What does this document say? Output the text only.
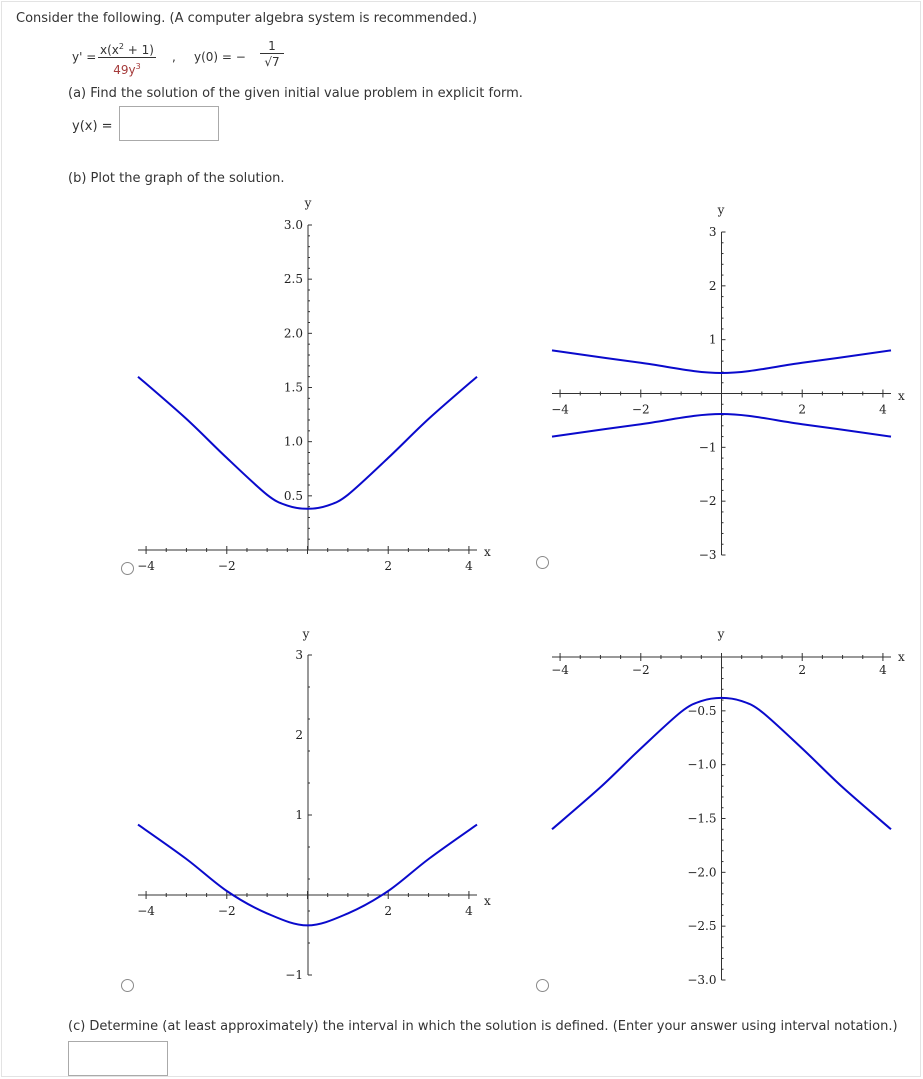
Consider the following. (A computer algebra system is recommended.)
$y' = \frac{x(x^2 + 1)}{49y^3}$ , y(0) = − $\frac{1}{√7}$
(a) Find the solution of the given initial value problem in explicit form.
y(x) =
(b) Plot the graph of the solution.
−4	−2	2	4
0.5
1.0
1.5
2.0
2.5
3.0
x
y
−4	−2	2	4
−3
−2
−1
1
2
3
x
y
−4	−2	2	4
−1
1
2
3
x
y
−4	−2	2	4
−0.5
−1.0
−1.5
−2.0
−2.5
−3.0
x
y
(c) Determine (at least approximately) the interval in which the solution is defined. (Enter your answer using interval notation.)
